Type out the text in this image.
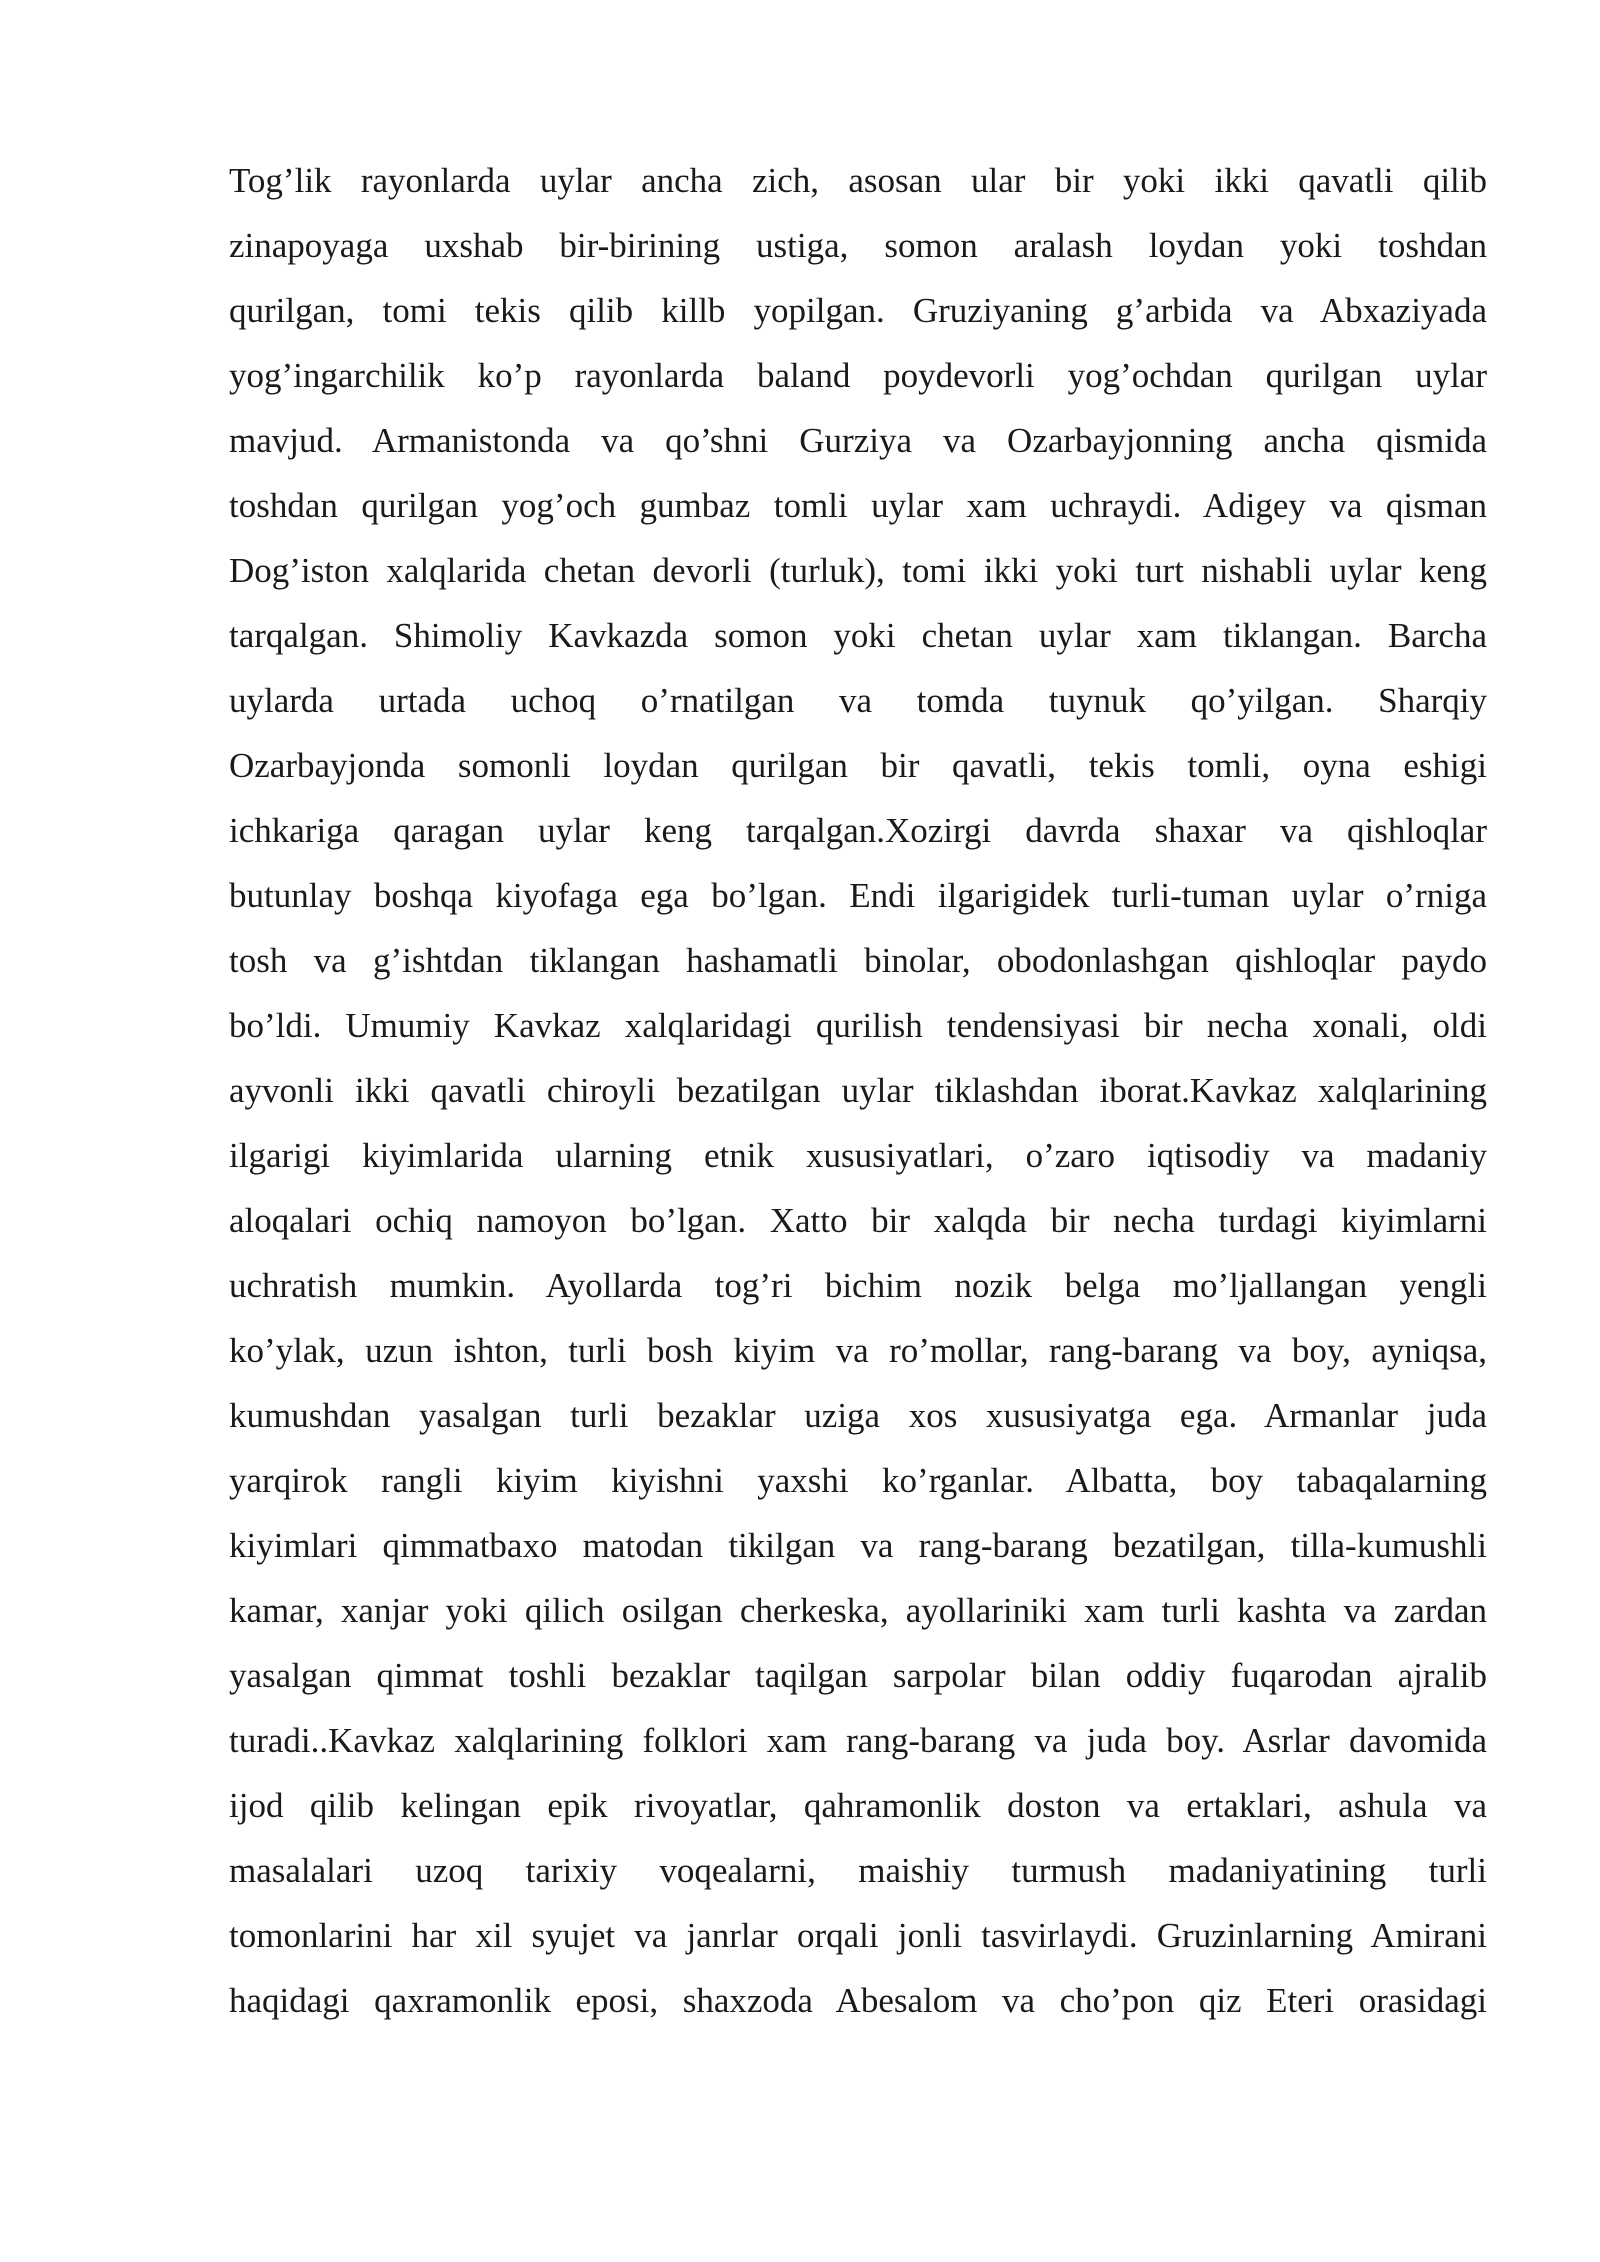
Tog’lik rayonlarda uylar ancha zich, asosan ular bir yoki ikki qavatli qilib
zinapoyaga uxshab bir-birining ustiga, somon aralash loydan yoki toshdan
qurilgan, tomi tekis qilib killb yopilgan. Gruziyaning g’arbida va Abxaziyada
yog’ingarchilik ko’p rayonlarda baland poydevorli yog’ochdan qurilgan uylar
mavjud. Armanistonda va qo’shni Gurziya va Ozarbayjonning ancha qismida
toshdan qurilgan yog’och gumbaz tomli uylar xam uchraydi. Adigey va qisman
Dog’iston xalqlarida chetan devorli (turluk), tomi ikki yoki turt nishabli uylar keng
tarqalgan. Shimoliy Kavkazda somon yoki chetan uylar xam tiklangan. Barcha
uylarda urtada uchoq o’rnatilgan va tomda tuynuk qo’yilgan. Sharqiy
Ozarbayjonda somonli loydan qurilgan bir qavatli, tekis tomli, oyna eshigi
ichkariga qaragan uylar keng tarqalgan.Xozirgi davrda shaxar va qishloqlar
butunlay boshqa kiyofaga ega bo’lgan. Endi ilgarigidek turli-tuman uylar o’rniga
tosh va g’ishtdan tiklangan hashamatli binolar, obodonlashgan qishloqlar paydo
bo’ldi. Umumiy Kavkaz xalqlaridagi qurilish tendensiyasi bir necha xonali, oldi
ayvonli ikki qavatli chiroyli bezatilgan uylar tiklashdan iborat.Kavkaz xalqlarining
ilgarigi kiyimlarida ularning etnik xususiyatlari, o’zaro iqtisodiy va madaniy
aloqalari ochiq namoyon bo’lgan. Xatto bir xalqda bir necha turdagi kiyimlarni
uchratish mumkin. Ayollarda tog’ri bichim nozik belga mo’ljallangan yengli
ko’ylak, uzun ishton, turli bosh kiyim va ro’mollar, rang-barang va boy, ayniqsa,
kumushdan yasalgan turli bezaklar uziga xos xususiyatga ega. Armanlar juda
yarqirok rangli kiyim kiyishni yaxshi ko’rganlar. Albatta, boy tabaqalarning
kiyimlari qimmatbaxo matodan tikilgan va rang-barang bezatilgan, tilla-kumushli
kamar, xanjar yoki qilich osilgan cherkeska, ayollariniki xam turli kashta va zardan
yasalgan qimmat toshli bezaklar taqilgan sarpolar bilan oddiy fuqarodan ajralib
turadi..Kavkaz xalqlarining folklori xam rang-barang va juda boy. Asrlar davomida
ijod qilib kelingan epik rivoyatlar, qahramonlik doston va ertaklari, ashula va
masalalari uzoq tarixiy voqealarni, maishiy turmush madaniyatining turli
tomonlarini har xil syujet va janrlar orqali jonli tasvirlaydi. Gruzinlarning Amirani
haqidagi qaxramonlik eposi, shaxzoda Abesalom va cho’pon qiz Eteri orasidagi
